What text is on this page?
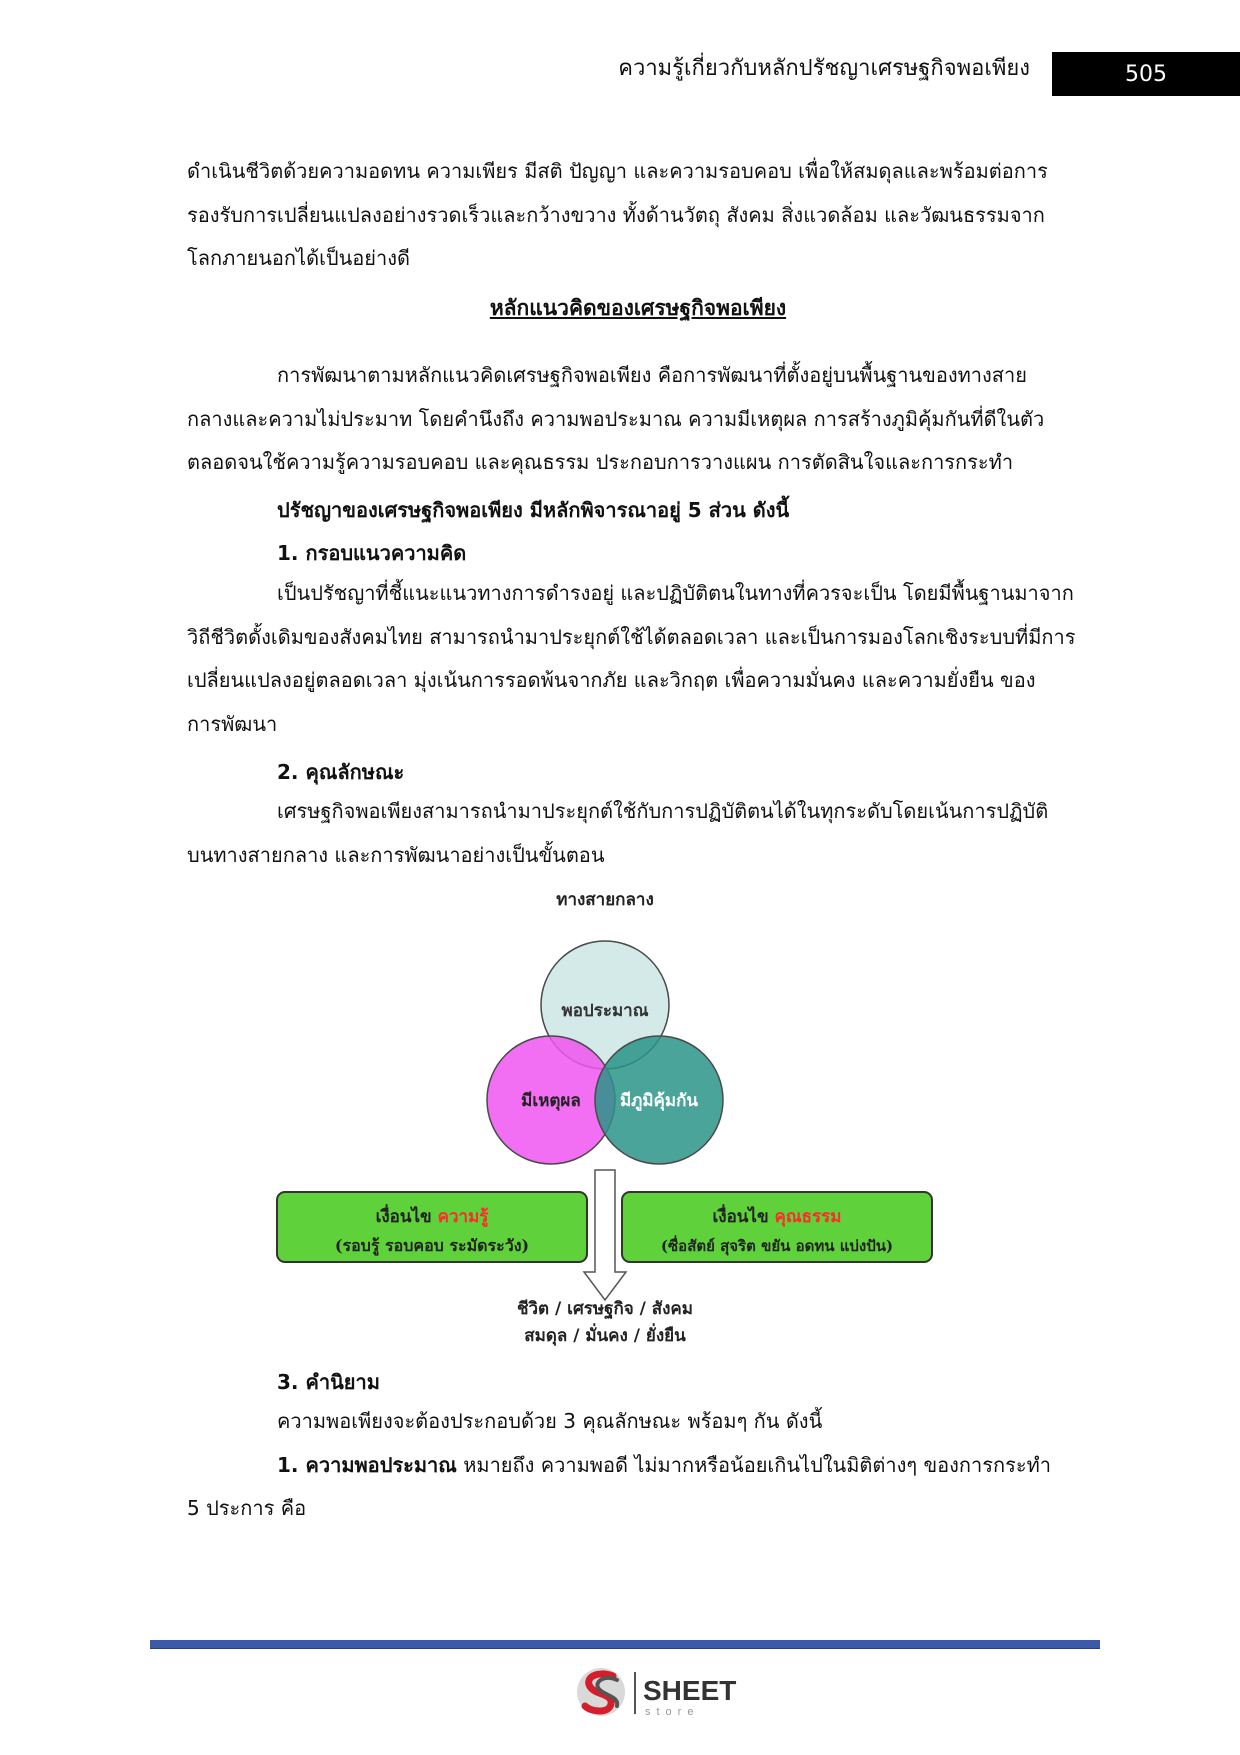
ความรู้เกี่ยวกับหลักปรัชญาเศรษฐกิจพอเพียง	505
ดำเนินชีวิตด้วยความอดทน ความเพียร มีสติ ปัญญา และความรอบคอบ เพื่อให้สมดุลและพร้อมต่อการ
รองรับการเปลี่ยนแปลงอย่างรวดเร็วและกว้างขวาง ทั้งด้านวัตถุ สังคม สิ่งแวดล้อม และวัฒนธรรมจาก
โลกภายนอกได้เป็นอย่างดี
หลักแนวคิดของเศรษฐกิจพอเพียง
การพัฒนาตามหลักแนวคิดเศรษฐกิจพอเพียง คือการพัฒนาที่ตั้งอยู่บนพื้นฐานของทางสาย
กลางและความไม่ประมาท โดยคำนึงถึง ความพอประมาณ ความมีเหตุผล การสร้างภูมิคุ้มกันที่ดีในตัว
ตลอดจนใช้ความรู้ความรอบคอบ และคุณธรรม ประกอบการวางแผน การตัดสินใจและการกระทำ
ปรัชญาของเศรษฐกิจพอเพียง มีหลักพิจารณาอยู่ 5 ส่วน ดังนี้
1. กรอบแนวความคิด
เป็นปรัชญาที่ชี้แนะแนวทางการดำรงอยู่ และปฏิบัติตนในทางที่ควรจะเป็น โดยมีพื้นฐานมาจาก
วิถีชีวิตดั้งเดิมของสังคมไทย สามารถนำมาประยุกต์ใช้ได้ตลอดเวลา และเป็นการมองโลกเชิงระบบที่มีการ
เปลี่ยนแปลงอยู่ตลอดเวลา มุ่งเน้นการรอดพ้นจากภัย และวิกฤต เพื่อความมั่นคง และความยั่งยืน ของ
การพัฒนา
2. คุณลักษณะ
เศรษฐกิจพอเพียงสามารถนำมาประยุกต์ใช้กับการปฏิบัติตนได้ในทุกระดับโดยเน้นการปฏิบัติ
บนทางสายกลาง และการพัฒนาอย่างเป็นขั้นตอน
ทางสายกลาง
พอประมาณ
มีเหตุผล มีภูมิคุ้มกัน
เงื่อนไข ความรู้
(รอบรู้ รอบคอบ ระมัดระวัง)
เงื่อนไข คุณธรรม
(ซื่อสัตย์ สุจริต ขยัน อดทน แบ่งปัน)
ชีวิต / เศรษฐกิจ / สังคม
สมดุล / มั่นคง / ยั่งยืน
3. คำนิยาม
ความพอเพียงจะต้องประกอบด้วย 3 คุณลักษณะ พร้อมๆ กัน ดังนี้
1. ความพอประมาณ หมายถึง ความพอดี ไม่มากหรือน้อยเกินไปในมิติต่างๆ ของการกระทำ
5 ประการ คือ
SHEET
store
